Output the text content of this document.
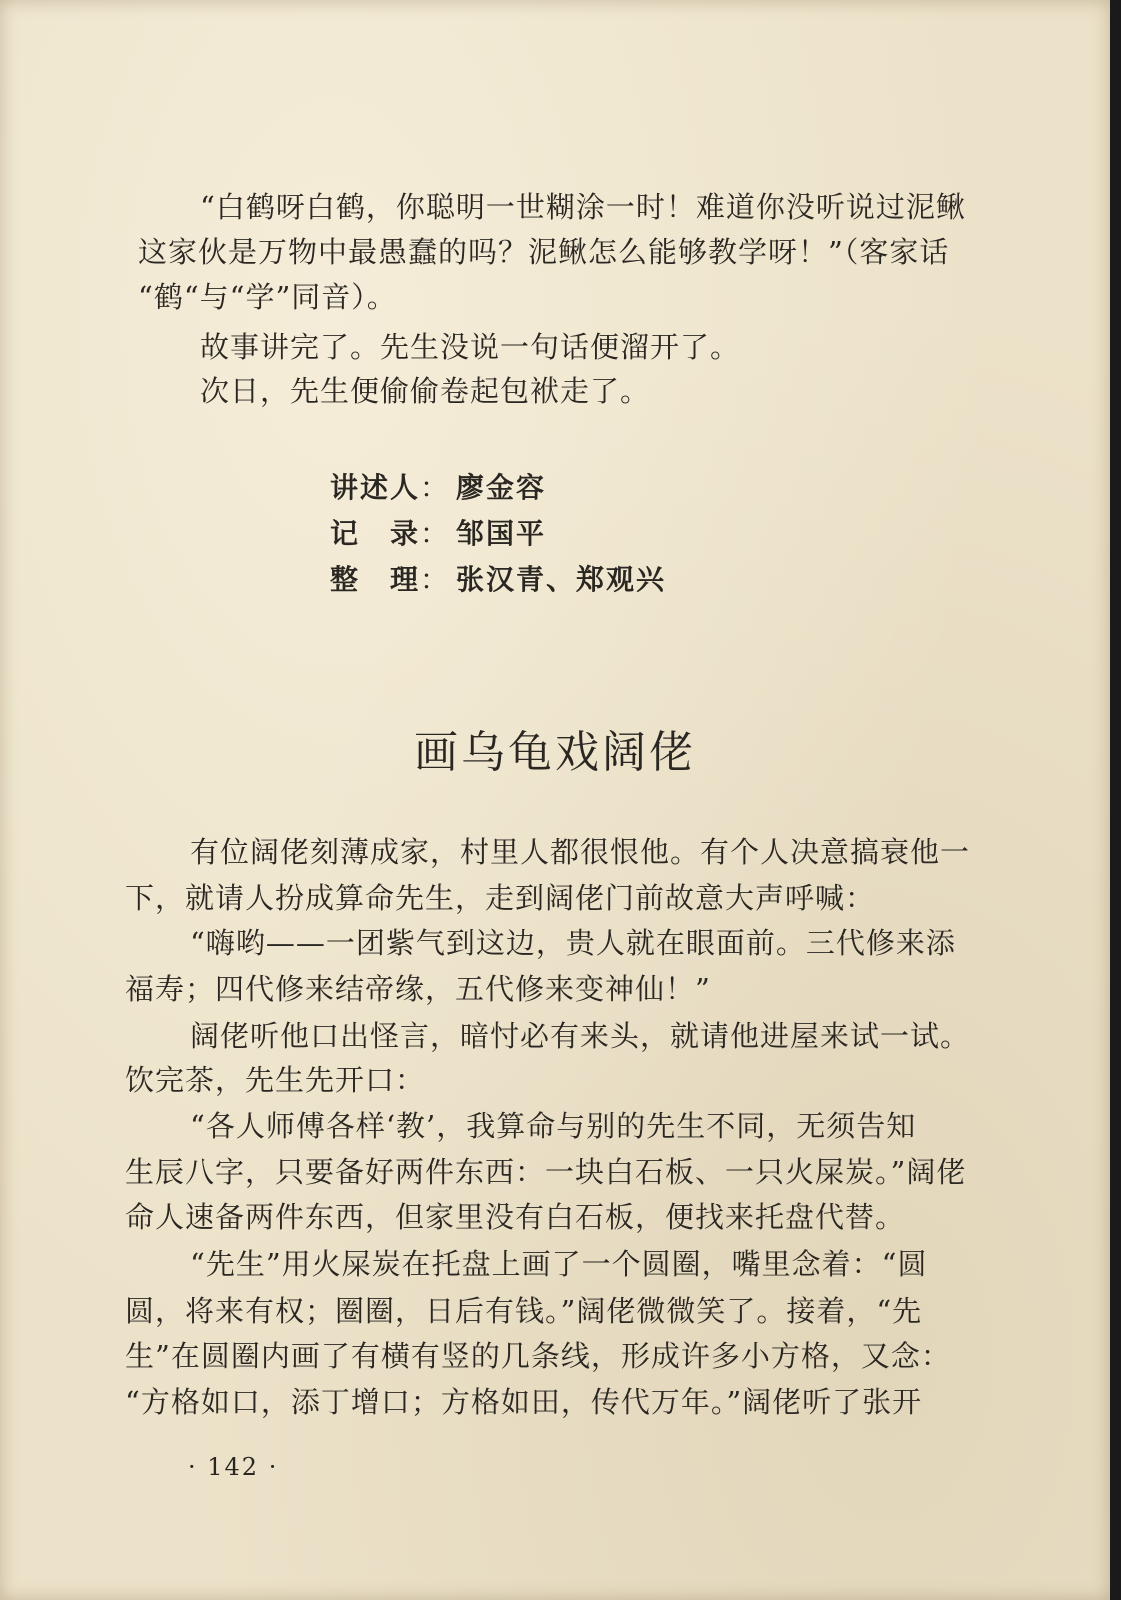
“白鹤呀白鹤，你聪明一世糊涂一时！难道你没听说过泥鳅

这家伙是万物中最愚蠢的吗？泥鳅怎么能够教学呀！”（客家话

“鹤“与“学”同音）。

故事讲完了。先生没说一句话便溜开了。

次日，先生便偷偷卷起包袱走了。

讲述人： 廖金容

记　录： 邹国平

整　理： 张汉青、郑观兴

画乌龟戏阔佬

有位阔佬刻薄成家，村里人都很恨他。有个人决意搞衰他一

下，就请人扮成算命先生，走到阔佬门前故意大声呼喊：

“嗨哟——一团紫气到这边，贵人就在眼面前。三代修来添

福寿；四代修来结帝缘，五代修来变神仙！”

阔佬听他口出怪言，暗忖必有来头，就请他进屋来试一试。

饮完茶，先生先开口：

“各人师傅各样‘教’，我算命与别的先生不同，无须告知

生辰八字，只要备好两件东西：一块白石板、一只火屎炭。”阔佬

命人速备两件东西，但家里没有白石板，便找来托盘代替。

“先生”用火屎炭在托盘上画了一个圆圈，嘴里念着：“圆

圆，将来有权；圈圈，日后有钱。”阔佬微微笑了。接着，“先

生”在圆圈内画了有横有竖的几条线，形成许多小方格，又念：

“方格如口，添丁增口；方格如田，传代万年。”阔佬听了张开

· 142 ·
